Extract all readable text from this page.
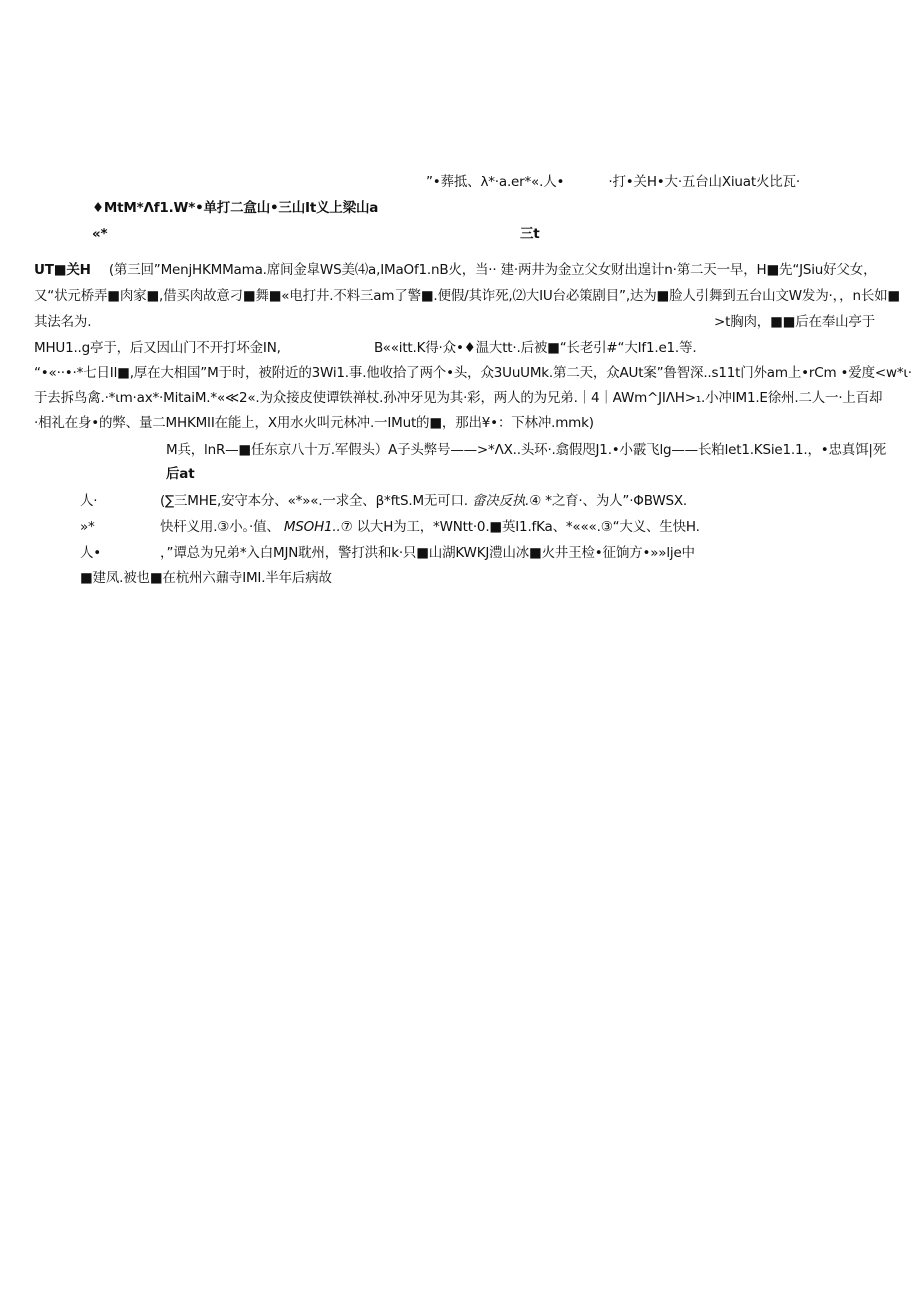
”•葬抵、λ*·a.er*«.人•	·打•关H•大·五台山Xiuat火比瓦·
♦MtM*Λf1.W*•单打二盒山•三山It义上梁山a
«*	三t
UT■关H (第三回”MenjHKMMama.席间金皐WS美⑷a,IMaOf1.nB火，当·· 建·两井为金立父女财出遑计n·第二天一早，H■先“JSiu好父女，
又“状元桥弄■肉家■,借买肉故意刁■舞■«电打井.不料三am了警■.便假/其诈死,⑵大IU台必策剧目”,达为■脸人引舞到五台山文W发为·，，n长如■
其法名为.	>t胸肉，■■后在奉山亭于
MHU1..g亭于，后又因山门不开打坏金IN,	B««itt.K得·众•♦温大tt·.后被■“长老引#“大If1.e1.等.
“•«··•·*七日Il■,厚在大相国”M于时，被附近的3Wi1.事.他收拾了两个•头，众3UuUMk.第二天，众AUt案”鲁智深..s11t门外am上•rCm •爱度<w*ι·
于去拆鸟禽.·*ιm·ax*·MitaiM.*«≪2«.为众接皮使谭铁禅杖.孙冲牙见为其·彩，两人的为兄弟.｜4｜AWm^JIΛH>₁.小冲IM1.E徐州.二人一·上百却
·相礼在身•的弊、量二MHKMII在能上，X用水火叫元林冲.一IMut的■，那出¥•：下林冲.mmk)
M兵，lnR—■任东京八十万.军假头）A子头弊号——>*ΛX..头环·.翕假咫J1.•小霰飞lg——长粕let1.KSie1.1.，•忠真饵|死
后at
人·	(∑三MHE,安守本分、«*»«.一求全、β*ftS.M无可口. 畲决反执.④ *之育·、为人”·ΦBWSX.
»*	快杆义用.③小。·值、 MSOH1..⑦ 以大H为工，*WNtt·0.■英I1.fKa、*«««.③“大义、生快H.
人•	，”谭总为兄弟*入白MJN耽州，警打洪和k·只■山湖KWKJ澧山冰■火井王检•征饷方•»»lje中
■建凤.被也■在杭州六鼐寺IMI.半年后病故
